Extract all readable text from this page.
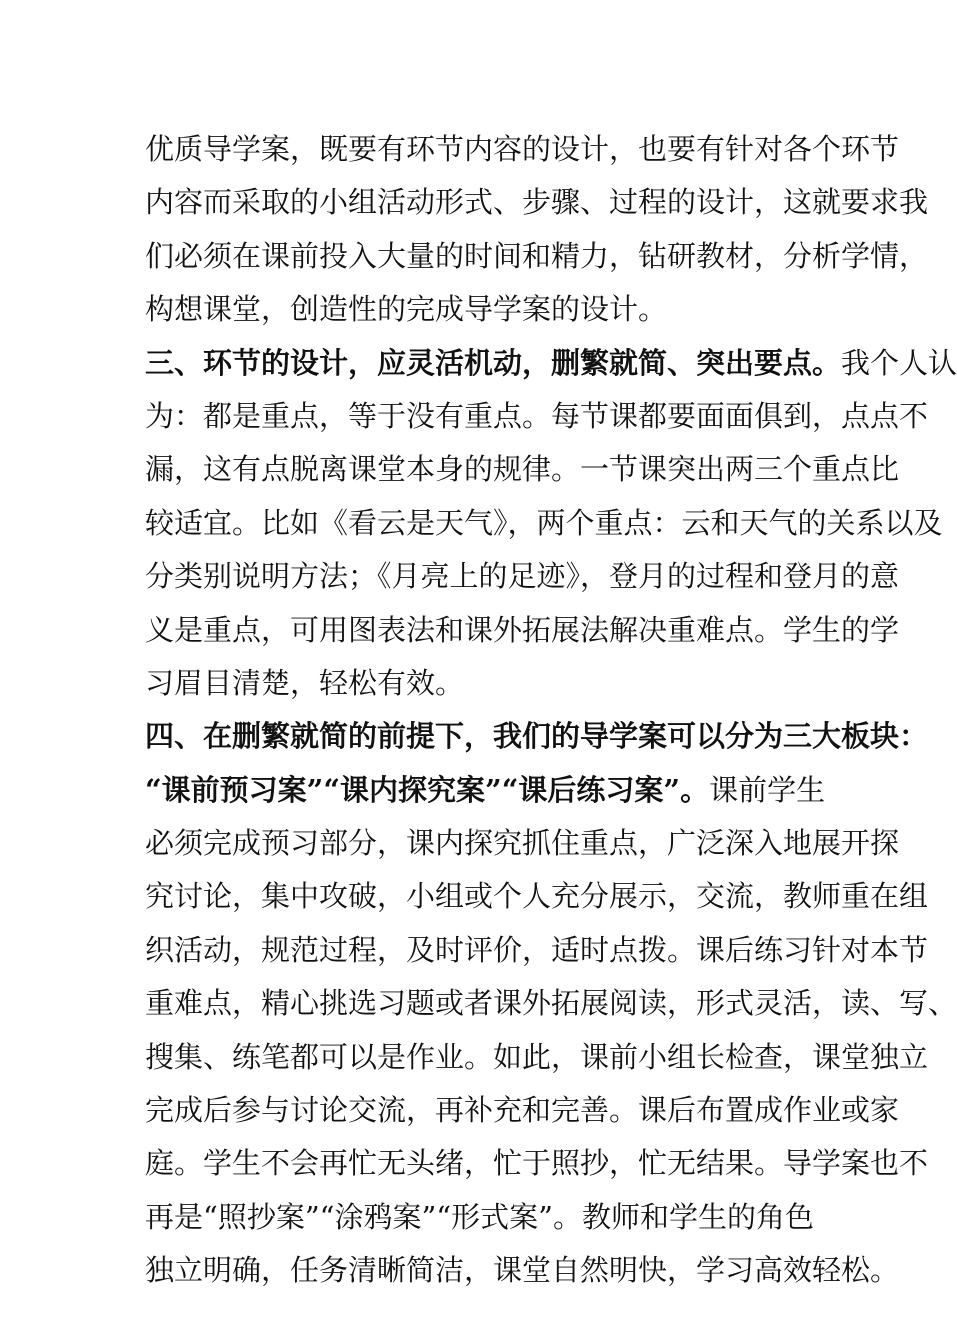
优质导学案，既要有环节内容的设计，也要有针对各个环节
内容而采取的小组活动形式、步骤、过程的设计，这就要求我
们必须在课前投入大量的时间和精力，钻研教材，分析学情，
构想课堂，创造性的完成导学案的设计。
三、环节的设计，应灵活机动，删繁就简、突出要点。我个人认
为：都是重点，等于没有重点。每节课都要面面俱到，点点不
漏，这有点脱离课堂本身的规律。一节课突出两三个重点比
较适宜。比如《看云是天气》，两个重点：云和天气的关系以及
分类别说明方法；《月亮上的足迹》，登月的过程和登月的意
义是重点，可用图表法和课外拓展法解决重难点。学生的学
习眉目清楚，轻松有效。
四、在删繁就简的前提下，我们的导学案可以分为三大板块：
“课前预习案”“课内探究案”“课后练习案”。课前学生
必须完成预习部分，课内探究抓住重点，广泛深入地展开探
究讨论，集中攻破，小组或个人充分展示，交流，教师重在组
织活动，规范过程，及时评价，适时点拨。课后练习针对本节
重难点，精心挑选习题或者课外拓展阅读，形式灵活，读、写、
搜集、练笔都可以是作业。如此，课前小组长检查，课堂独立
完成后参与讨论交流，再补充和完善。课后布置成作业或家
庭。学生不会再忙无头绪，忙于照抄，忙无结果。导学案也不
再是“照抄案”“涂鸦案”“形式案”。教师和学生的角色
独立明确，任务清晰简洁，课堂自然明快，学习高效轻松。
